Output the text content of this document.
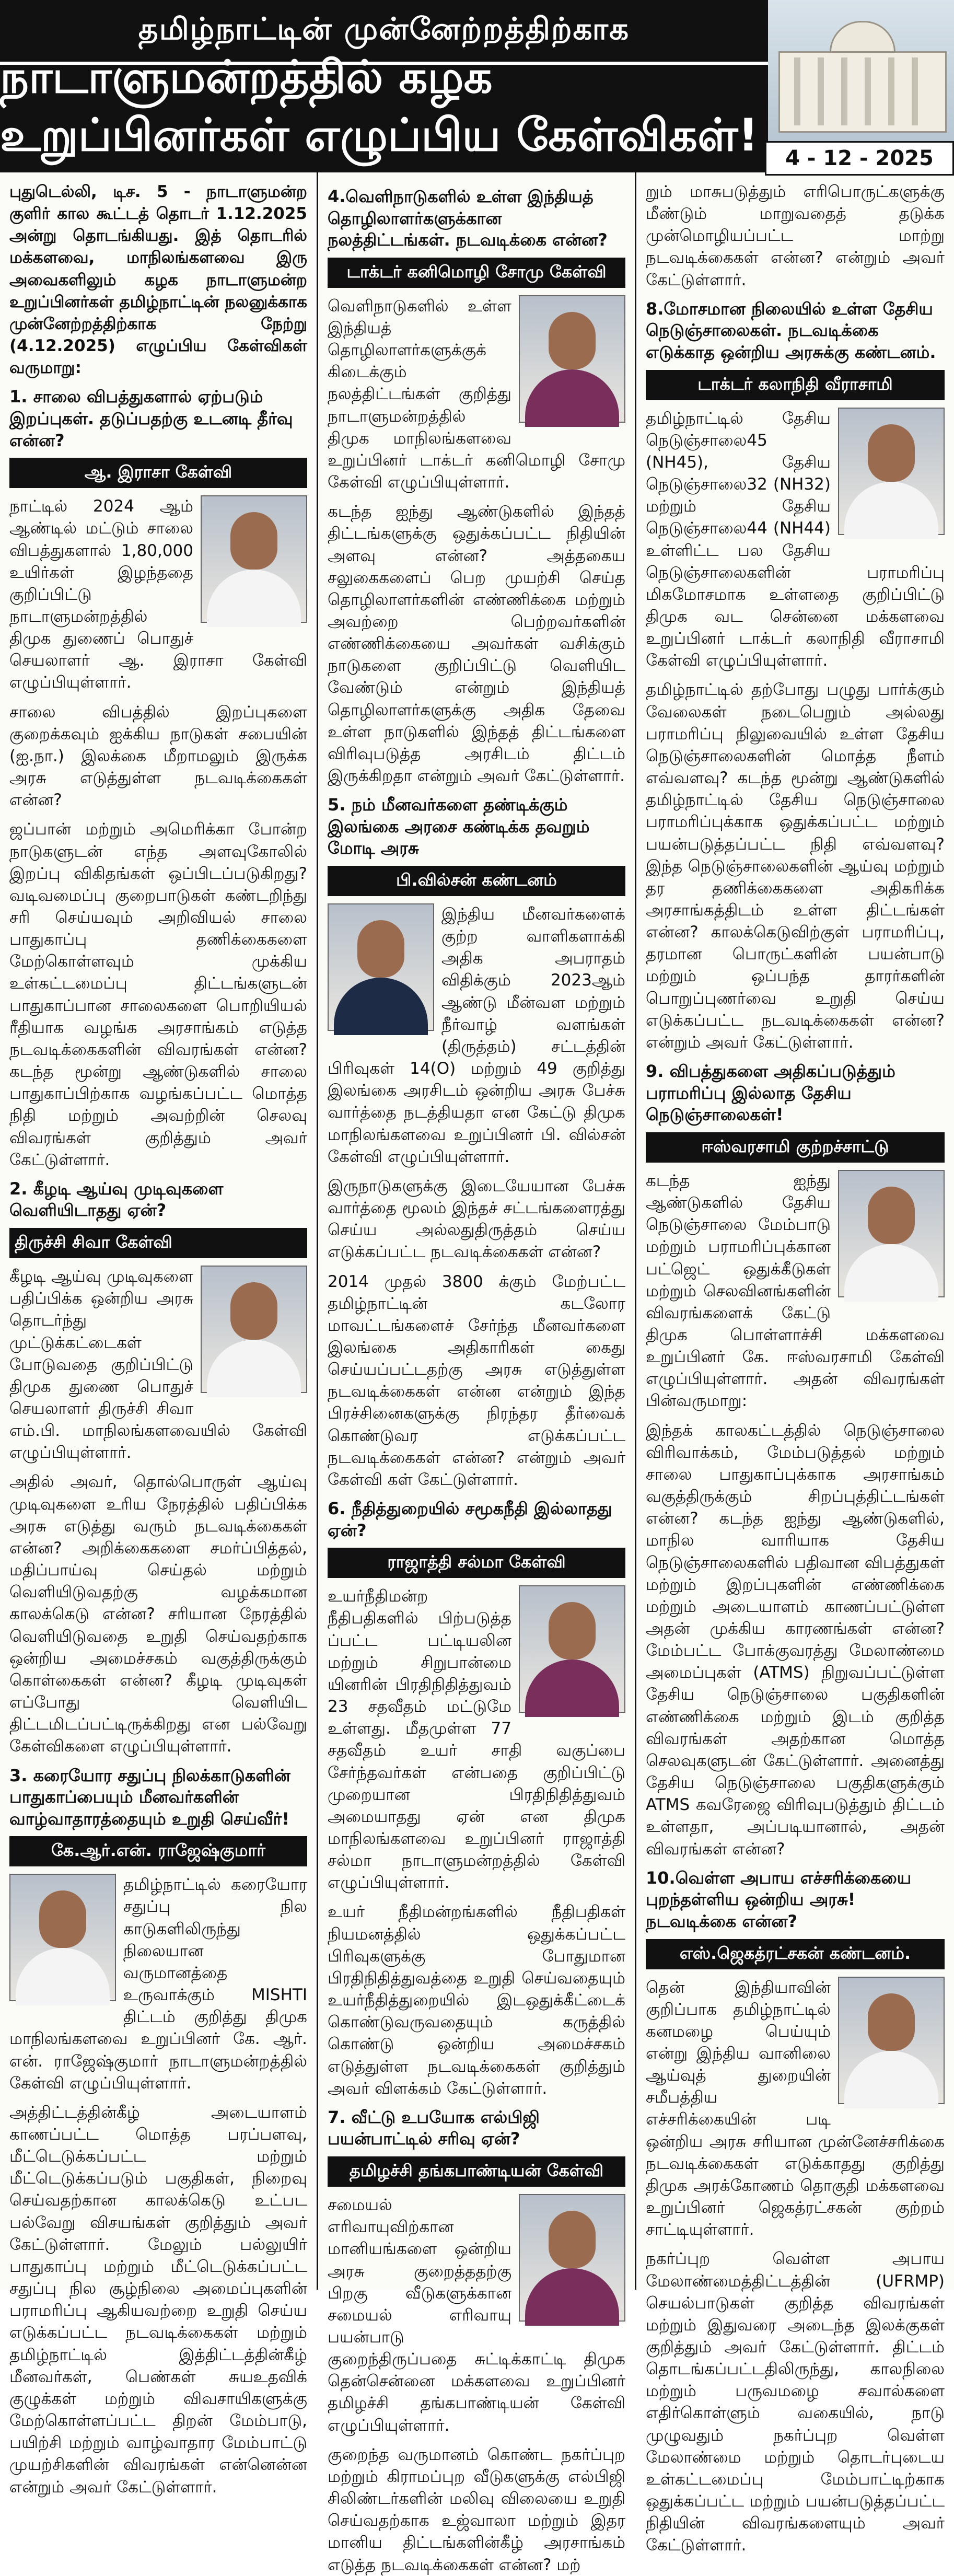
தமிழ்நாட்டின் முன்னேற்றத்திற்காக
நாடாளுமன்றத்தில் கழக உறுப்பினர்கள் எழுப்பிய கேள்விகள்!	4 - 12 - 2025

புதுடெல்லி, டிச. 5 - நாடாளுமன்ற குளிர் கால கூட்டத் தொடர் 1.12.2025 அன்று தொடங்கியது. இத் தொடரில் மக்களவை, மாநிலங்களவை இரு அவைகளிலும் கழக நாடாளுமன்ற உறுப்பினர்கள் தமிழ்நாட்டின் நலனுக்காக முன்னேற்றத்திற்காக நேற்று (4.12.2025) எழுப்பிய கேள்விகள் வருமாறு:

1. சாலை விபத்துகளால் ஏற்படும் இறப்புகள். தடுப்பதற்கு உடனடி தீர்வு என்ன?
ஆ. இராசா கேள்வி

நாட்டில் 2024 ஆம் ஆண்டில் மட்டும் சாலை விபத்துகளால் 1,80,000 உயிர்கள் இழந்ததை குறிப்பிட்டு நாடாளுமன்றத்தில் திமுக துணைப் பொதுச் செயலாளர் ஆ. இராசா கேள்வி எழுப்பியுள்ளார்.

சாலை விபத்தில் இறப்புகளை குறைக்கவும் ஐக்கிய நாடுகள் சபையின் (ஐ.நா.) இலக்கை மீறாமலும் இருக்க அரசு எடுத்துள்ள நடவடிக்கைகள் என்ன?

ஜப்பான் மற்றும் அமெரிக்கா போன்ற நாடுகளுடன் எந்த அளவுகோலில் இறப்பு விகிதங்கள் ஒப்பிடப்படுகிறது? வடிவமைப்பு குறைபாடுகள் கண்டறிந்து சரி செய்யவும் அறிவியல் சாலை பாதுகாப்பு தணிக்கைகளை மேற்கொள்ளவும் முக்கிய உள்கட்டமைப்பு திட்டங்களுடன் பாதுகாப்பான சாலைகளை பொறியியல் ரீதியாக வழங்க அரசாங்கம் எடுத்த நடவடிக்கைகளின் விவரங்கள் என்ன? கடந்த மூன்று ஆண்டுகளில் சாலை பாதுகாப்பிற்காக வழங்கப்பட்ட மொத்த நிதி மற்றும் அவற்றின் செலவு விவரங்கள் குறித்தும் அவர் கேட்டுள்ளார்.

2. கீழடி ஆய்வு முடிவுகளை வெளியிடாதது ஏன்?
திருச்சி சிவா கேள்வி

கீழடி ஆய்வு முடிவுகளை பதிப்பிக்க ஒன்றிய அரசு தொடர்ந்து முட்டுக்கட்டைகள் போடுவதை குறிப்பிட்டு திமுக துணை பொதுச் செயலாளர் திருச்சி சிவா எம்.பி. மாநிலங்களவையில் கேள்வி எழுப்பியுள்ளார்.

அதில் அவர், தொல்பொருள் ஆய்வு முடிவுகளை உரிய நேரத்தில் பதிப்பிக்க அரசு எடுத்து வரும் நடவடிக்கைகள் என்ன? அறிக்கைகளை சமர்ப்பித்தல், மதிப்பாய்வு செய்தல் மற்றும் வெளியிடுவதற்கு வழக்கமான காலக்கெடு என்ன? சரியான நேரத்தில் வெளியிடுவதை உறுதி செய்வதற்காக ஒன்றிய அமைச்சகம் வகுத்திருக்கும் கொள்கைகள் என்ன? கீழடி முடிவுகள் எப்போது வெளியிட திட்டமிடப்பட்டிருக்கிறது என பல்வேறு கேள்விகளை எழுப்பியுள்ளார்.

3. கரையோர சதுப்பு நிலக்காடுகளின் பாதுகாப்பையும் மீனவர்களின் வாழ்வாதாரத்தையும் உறுதி செய்வீர்!
கே.ஆர்.என். ராஜேஷ்குமார்

தமிழ்நாட்டில் கரையோர சதுப்பு நில காடுகளிலிருந்து நிலையான வருமானத்தை உருவாக்கும் MISHTI திட்டம் குறித்து திமுக மாநிலங்களவை உறுப்பினர் கே. ஆர். என். ராஜேஷ்குமார் நாடாளுமன்றத்தில் கேள்வி எழுப்பியுள்ளார்.

அத்திட்டத்தின்கீழ் அடையாளம் காணப்பட்ட மொத்த பரப்பளவு, மீட்டெடுக்கப்பட்ட மற்றும் மீட்டெடுக்கப்படும் பகுதிகள், நிறைவு செய்வதற்கான காலக்கெடு உட்பட பல்வேறு விசயங்கள் குறித்தும் அவர் கேட்டுள்ளார். மேலும் பல்லுயிர் பாதுகாப்பு மற்றும் மீட்டெடுக்கப்பட்ட சதுப்பு நில சூழ்நிலை அமைப்புகளின் பராமரிப்பு ஆகியவற்றை உறுதி செய்ய எடுக்கப்பட்ட நடவடிக்கைகள் மற்றும் தமிழ்நாட்டில் இத்திட்டத்தின்கீழ் மீனவர்கள், பெண்கள் சுயஉதவிக் குழுக்கள் மற்றும் விவசாயிகளுக்கு மேற்கொள்ளப்பட்ட திறன் மேம்பாடு, பயிற்சி மற்றும் வாழ்வாதார மேம்பாட்டு முயற்சிகளின் விவரங்கள் என்னென்ன என்றும் அவர் கேட்டுள்ளார்.

4.வெளிநாடுகளில் உள்ள இந்தியத் தொழிலாளர்களுக்கான நலத்திட்டங்கள். நடவடிக்கை என்ன?
டாக்டர் கனிமொழி சோமு கேள்வி

வெளிநாடுகளில் உள்ள இந்தியத் தொழிலாளர்களுக்குக் கிடைக்கும் நலத்திட்டங்கள் குறித்து நாடாளுமன்றத்தில் திமுக மாநிலங்களவை உறுப்பினர் டாக்டர் கனிமொழி சோமு கேள்வி எழுப்பியுள்ளார்.

கடந்த ஐந்து ஆண்டுகளில் இந்தத் திட்டங்களுக்கு ஒதுக்கப்பட்ட நிதியின் அளவு என்ன? அத்தகைய சலுகைகளைப் பெற முயற்சி செய்த தொழிலாளர்களின் எண்ணிக்கை மற்றும் அவற்றை பெற்றவர்களின் எண்ணிக்கையை அவர்கள் வசிக்கும் நாடுகளை குறிப்பிட்டு வெளியிட வேண்டும் என்றும் இந்தியத் தொழிலாளர்களுக்கு அதிக தேவை உள்ள நாடுகளில் இந்தத் திட்டங்களை விரிவுபடுத்த அரசிடம் திட்டம் இருக்கிறதா என்றும் அவர் கேட்டுள்ளார்.

5. நம் மீனவர்களை தண்டிக்கும் இலங்கை அரசை கண்டிக்க தவறும் மோடி அரசு
பி.வில்சன் கண்டனம்

இந்திய மீனவர்களைக் குற்ற வாளிகளாக்கி அதிக அபராதம் விதிக்கும் 2023ஆம் ஆண்டு மீன்வள மற்றும் நீர்வாழ் வளங்கள் (திருத்தம்) சட்டத்தின் பிரிவுகள் 14(O) மற்றும் 49 குறித்து இலங்கை அரசிடம் ஒன்றிய அரசு பேச்சு வார்த்தை நடத்தியதா என கேட்டு திமுக மாநிலங்களவை உறுப்பினர் பி. வில்சன் கேள்வி எழுப்பியுள்ளார்.

இருநாடுகளுக்கு இடையேயான பேச்சு வார்த்தை மூலம் இந்தச் சட்டங்களைரத்து செய்ய அல்லதுதிருத்தம் செய்ய எடுக்கப்பட்ட நடவடிக்கைகள் என்ன?

2014 முதல் 3800 க்கும் மேற்பட்ட தமிழ்நாட்டின் கடலோர மாவட்டங்களைச் சேர்ந்த மீனவர்களை இலங்கை அதிகாரிகள் கைது செய்யப்பட்டதற்கு அரசு எடுத்துள்ள நடவடிக்கைகள் என்ன என்றும் இந்த பிரச்சினைகளுக்கு நிரந்தர தீர்வைக் கொண்டுவர எடுக்கப்பட்ட நடவடிக்கைகள் என்ன? என்றும் அவர் கேள்வி கள் கேட்டுள்ளார்.

6. நீதித்துறையில் சமூகநீதி இல்லாதது ஏன்?
ராஜாத்தி சல்மா கேள்வி

உயர்நீதிமன்ற நீதிபதிகளில் பிற்படுத்த ப்பட்ட பட்டியலின மற்றும் சிறுபான்மை யினரின் பிரதிநிதித்துவம் 23 சதவீதம் மட்டுமே உள்ளது. மீதமுள்ள 77 சதவீதம் உயர் சாதி வகுப்பை சேர்ந்தவர்கள் என்பதை குறிப்பிட்டு முறையான பிரதிநிதித்துவம் அமையாதது ஏன் என திமுக மாநிலங்களவை உறுப்பினர் ராஜாத்தி சல்மா நாடாளுமன்றத்தில் கேள்வி எழுப்பியுள்ளார்.

உயர் நீதிமன்றங்களில் நீதிபதிகள் நியமனத்தில் ஒதுக்கப்பட்ட பிரிவுகளுக்கு போதுமான பிரதிநிதித்துவத்தை உறுதி செய்வதையும் உயர்நீதித்துறையில் இடஒதுக்கீட்டைக் கொண்டுவருவதையும் கருத்தில் கொண்டு ஒன்றிய அமைச்சகம் எடுத்துள்ள நடவடிக்கைகள் குறித்தும் அவர் விளக்கம் கேட்டுள்ளார்.

7. வீட்டு உபயோக எல்பிஜி பயன்பாட்டில் சரிவு ஏன்?
தமிழச்சி தங்கபாண்டியன் கேள்வி

சமையல் எரிவாயுவிற்கான மானியங்களை ஒன்றிய அரசு குறைத்ததற்கு பிறகு வீடுகளுக்கான சமையல் எரிவாயு பயன்பாடு குறைந்திருப்பதை சுட்டிக்காட்டி திமுக தென்சென்னை மக்களவை உறுப்பினர் தமிழச்சி தங்கபாண்டியன் கேள்வி எழுப்பியுள்ளார்.

குறைந்த வருமானம் கொண்ட நகர்ப்புற மற்றும் கிராமப்புற வீடுகளுக்கு எல்பிஜி சிலிண்டர்களின் மலிவு விலையை உறுதி செய்வதற்காக உஜ்வாலா மற்றும் இதர மானிய திட்டங்களின்கீழ் அரசாங்கம் எடுத்த நடவடிக்கைகள் என்ன? மற்

றும் மாசுபடுத்தும் எரிபொருட்களுக்கு மீண்டும் மாறுவதைத் தடுக்க முன்மொழியப்பட்ட மாற்று நடவடிக்கைகள் என்ன? என்றும் அவர் கேட்டுள்ளார்.

8.மோசமான நிலையில் உள்ள தேசிய நெடுஞ்சாலைகள். நடவடிக்கை எடுக்காத ஒன்றிய அரசுக்கு கண்டனம்.
டாக்டர் கலாநிதி வீராசாமி

தமிழ்நாட்டில் தேசிய நெடுஞ்சாலை45 (NH45), தேசிய நெடுஞ்சாலை32 (NH32) மற்றும் தேசிய நெடுஞ்சாலை44 (NH44) உள்ளிட்ட பல தேசிய நெடுஞ்சாலைகளின் பராமரிப்பு மிகமோசமாக உள்ளதை குறிப்பிட்டு திமுக வட சென்னை மக்களவை உறுப்பினர் டாக்டர் கலாநிதி வீராசாமி கேள்வி எழுப்பியுள்ளார்.

தமிழ்நாட்டில் தற்போது பழுது பார்க்கும் வேலைகள் நடைபெறும் அல்லது பராமரிப்பு நிலுவையில் உள்ள தேசிய நெடுஞ்சாலைகளின் மொத்த நீளம் எவ்வளவு? கடந்த மூன்று ஆண்டுகளில் தமிழ்நாட்டில் தேசிய நெடுஞ்சாலை பராமரிப்புக்காக ஒதுக்கப்பட்ட மற்றும் பயன்படுத்தப்பட்ட நிதி எவ்வளவு? இந்த நெடுஞ்சாலைகளின் ஆய்வு மற்றும் தர தணிக்கைகளை அதிகரிக்க அரசாங்கத்திடம் உள்ள திட்டங்கள் என்ன? காலக்கெடுவிற்குள் பராமரிப்பு, தரமான பொருட்களின் பயன்பாடு மற்றும் ஒப்பந்த தாரர்களின் பொறுப்புணர்வை உறுதி செய்ய எடுக்கப்பட்ட நடவடிக்கைகள் என்ன? என்றும் அவர் கேட்டுள்ளார்.

9. விபத்துகளை அதிகப்படுத்தும் பராமரிப்பு இல்லாத தேசிய நெடுஞ்சாலைகள்!
ஈஸ்வரசாமி குற்றச்சாட்டு

கடந்த ஐந்து ஆண்டுகளில் தேசிய நெடுஞ்சாலை மேம்பாடு மற்றும் பராமரிப்புக்கான பட்ஜெட் ஒதுக்கீடுகள் மற்றும் செலவினங்களின் விவரங்களைக் கேட்டு திமுக பொள்ளாச்சி மக்களவை உறுப்பினர் கே. ஈஸ்வரசாமி கேள்வி எழுப்பியுள்ளார். அதன் விவரங்கள் பின்வருமாறு:

இந்தக் காலகட்டத்தில் நெடுஞ்சாலை விரிவாக்கம், மேம்படுத்தல் மற்றும் சாலை பாதுகாப்புக்காக அரசாங்கம் வகுத்திருக்கும் சிறப்புத்திட்டங்கள் என்ன? கடந்த ஐந்து ஆண்டுகளில், மாநில வாரியாக தேசிய நெடுஞ்சாலைகளில் பதிவான விபத்துகள் மற்றும் இறப்புகளின் எண்ணிக்கை மற்றும் அடையாளம் காணப்பட்டுள்ள அதன் முக்கிய காரணங்கள் என்ன? மேம்பட்ட போக்குவரத்து மேலாண்மை அமைப்புகள் (ATMS) நிறுவப்பட்டுள்ள தேசிய நெடுஞ்சாலை பகுதிகளின் எண்ணிக்கை மற்றும் இடம் குறித்த விவரங்கள் அதற்கான மொத்த செலவுகளுடன் கேட்டுள்ளார். அனைத்து தேசிய நெடுஞ்சாலை பகுதிகளுக்கும் ATMS கவரேஜை விரிவுபடுத்தும் திட்டம் உள்ளதா, அப்படியானால், அதன் விவரங்கள் என்ன?

10.வெள்ள அபாய எச்சரிக்கையை புறந்தள்ளிய ஒன்றிய அரசு! நடவடிக்கை என்ன?
எஸ்.ஜெகத்ரட்சகன் கண்டனம்.

தென் இந்தியாவின் குறிப்பாக தமிழ்நாட்டில் கனமழை பெய்யும் என்று இந்திய வானிலை ஆய்வுத் துறையின் சமீபத்திய எச்சரிக்கையின் படி ஒன்றிய அரசு சரியான முன்னேச்சரிக்கை நடவடிக்கைகள் எடுக்காதது குறித்து திமுக அரக்கோணம் தொகுதி மக்களவை உறுப்பினர் ஜெகத்ரட்சகன் குற்றம் சாட்டியுள்ளார்.

நகர்ப்புற வெள்ள அபாய மேலாண்மைத்திட்டத்தின் (UFRMP) செயல்பாடுகள் குறித்த விவரங்கள் மற்றும் இதுவரை அடைந்த இலக்குகள் குறித்தும் அவர் கேட்டுள்ளார். திட்டம் தொடங்கப்பட்டதிலிருந்து, காலநிலை மற்றும் பருவமழை சவால்களை எதிர்கொள்ளும் வகையில், நாடு முழுவதும் நகர்ப்புற வெள்ள மேலாண்மை மற்றும் தொடர்புடைய உள்கட்டமைப்பு மேம்பாட்டிற்காக ஒதுக்கப்பட்ட மற்றும் பயன்படுத்தப்பட்ட நிதியின் விவரங்களையும் அவர் கேட்டுள்ளார்.
